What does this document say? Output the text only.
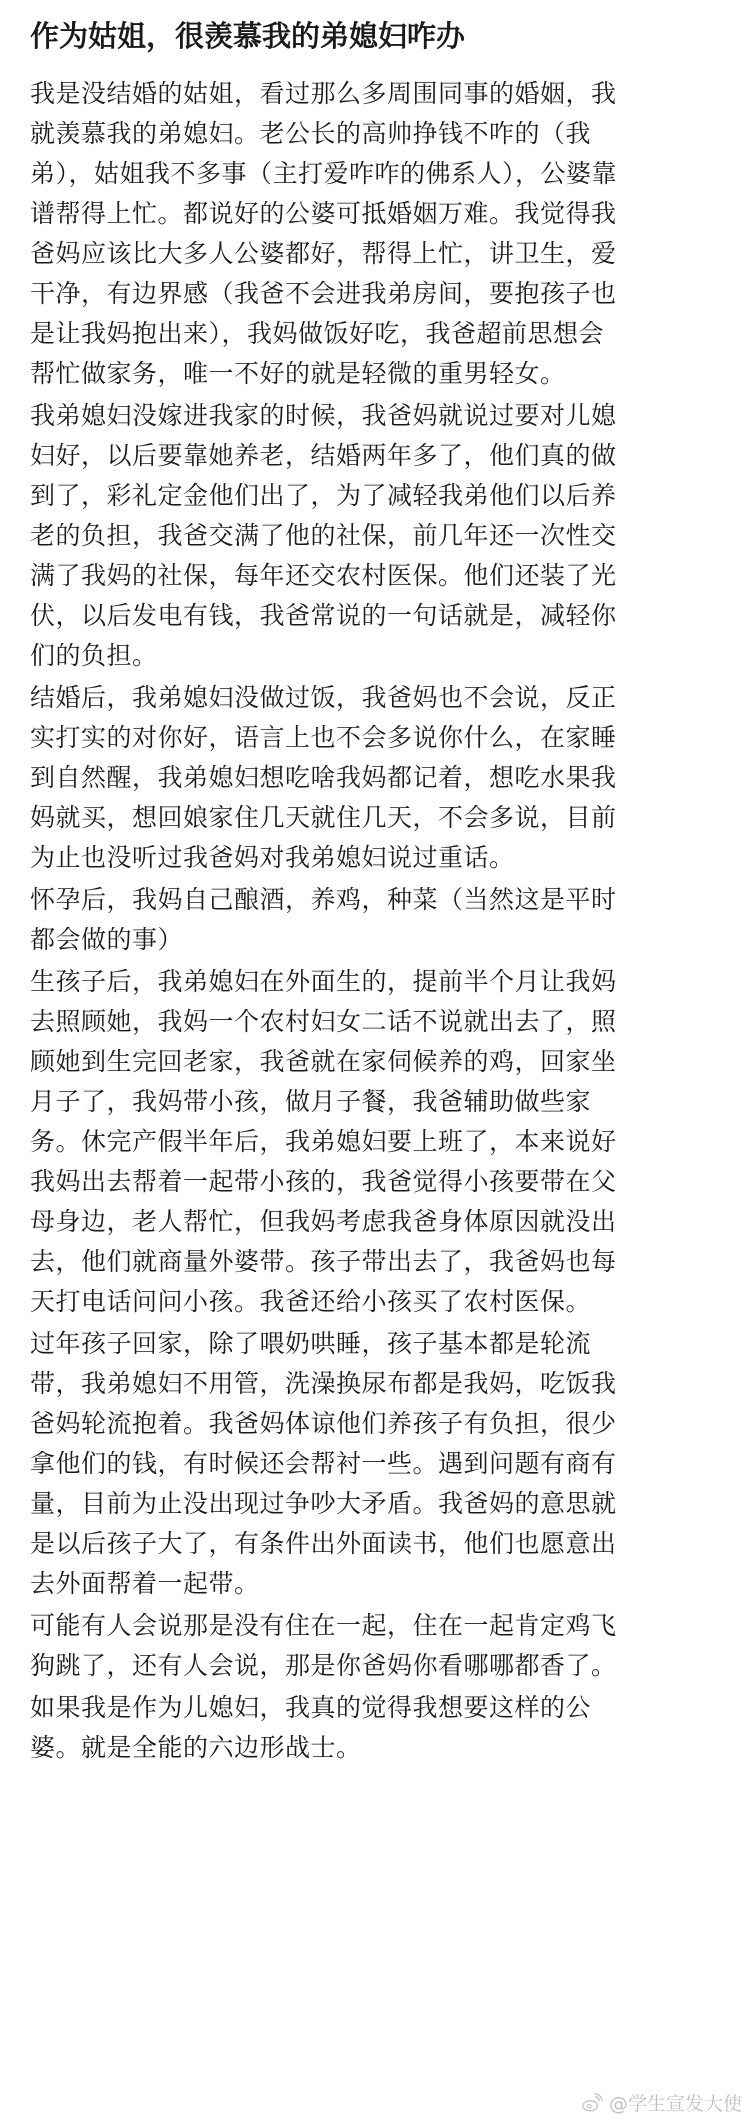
作为姑姐，很羡慕我的弟媳妇咋办
我是没结婚的姑姐，看过那么多周围同事的婚姻，我
就羡慕我的弟媳妇。老公长的高帅挣钱不咋的（我
弟），姑姐我不多事（主打爱咋咋的佛系人），公婆靠
谱帮得上忙。都说好的公婆可抵婚姻万难。我觉得我
爸妈应该比大多人公婆都好，帮得上忙，讲卫生，爱
干净，有边界感（我爸不会进我弟房间，要抱孩子也
是让我妈抱出来），我妈做饭好吃，我爸超前思想会
帮忙做家务，唯一不好的就是轻微的重男轻女。
我弟媳妇没嫁进我家的时候，我爸妈就说过要对儿媳
妇好，以后要靠她养老，结婚两年多了，他们真的做
到了，彩礼定金他们出了，为了减轻我弟他们以后养
老的负担，我爸交满了他的社保，前几年还一次性交
满了我妈的社保，每年还交农村医保。他们还装了光
伏，以后发电有钱，我爸常说的一句话就是，减轻你
们的负担。
结婚后，我弟媳妇没做过饭，我爸妈也不会说，反正
实打实的对你好，语言上也不会多说你什么，在家睡
到自然醒，我弟媳妇想吃啥我妈都记着，想吃水果我
妈就买，想回娘家住几天就住几天，不会多说，目前
为止也没听过我爸妈对我弟媳妇说过重话。
怀孕后，我妈自己酿酒，养鸡，种菜（当然这是平时
都会做的事）
生孩子后，我弟媳妇在外面生的，提前半个月让我妈
去照顾她，我妈一个农村妇女二话不说就出去了，照
顾她到生完回老家，我爸就在家伺候养的鸡，回家坐
月子了，我妈带小孩，做月子餐，我爸辅助做些家
务。休完产假半年后，我弟媳妇要上班了，本来说好
我妈出去帮着一起带小孩的，我爸觉得小孩要带在父
母身边，老人帮忙，但我妈考虑我爸身体原因就没出
去，他们就商量外婆带。孩子带出去了，我爸妈也每
天打电话问问小孩。我爸还给小孩买了农村医保。
过年孩子回家，除了喂奶哄睡，孩子基本都是轮流
带，我弟媳妇不用管，洗澡换尿布都是我妈，吃饭我
爸妈轮流抱着。我爸妈体谅他们养孩子有负担，很少
拿他们的钱，有时候还会帮衬一些。遇到问题有商有
量，目前为止没出现过争吵大矛盾。我爸妈的意思就
是以后孩子大了，有条件出外面读书，他们也愿意出
去外面帮着一起带。
可能有人会说那是没有住在一起，住在一起肯定鸡飞
狗跳了，还有人会说，那是你爸妈你看哪哪都香了。
如果我是作为儿媳妇，我真的觉得我想要这样的公
婆。就是全能的六边形战士。
@学生宣发大使
